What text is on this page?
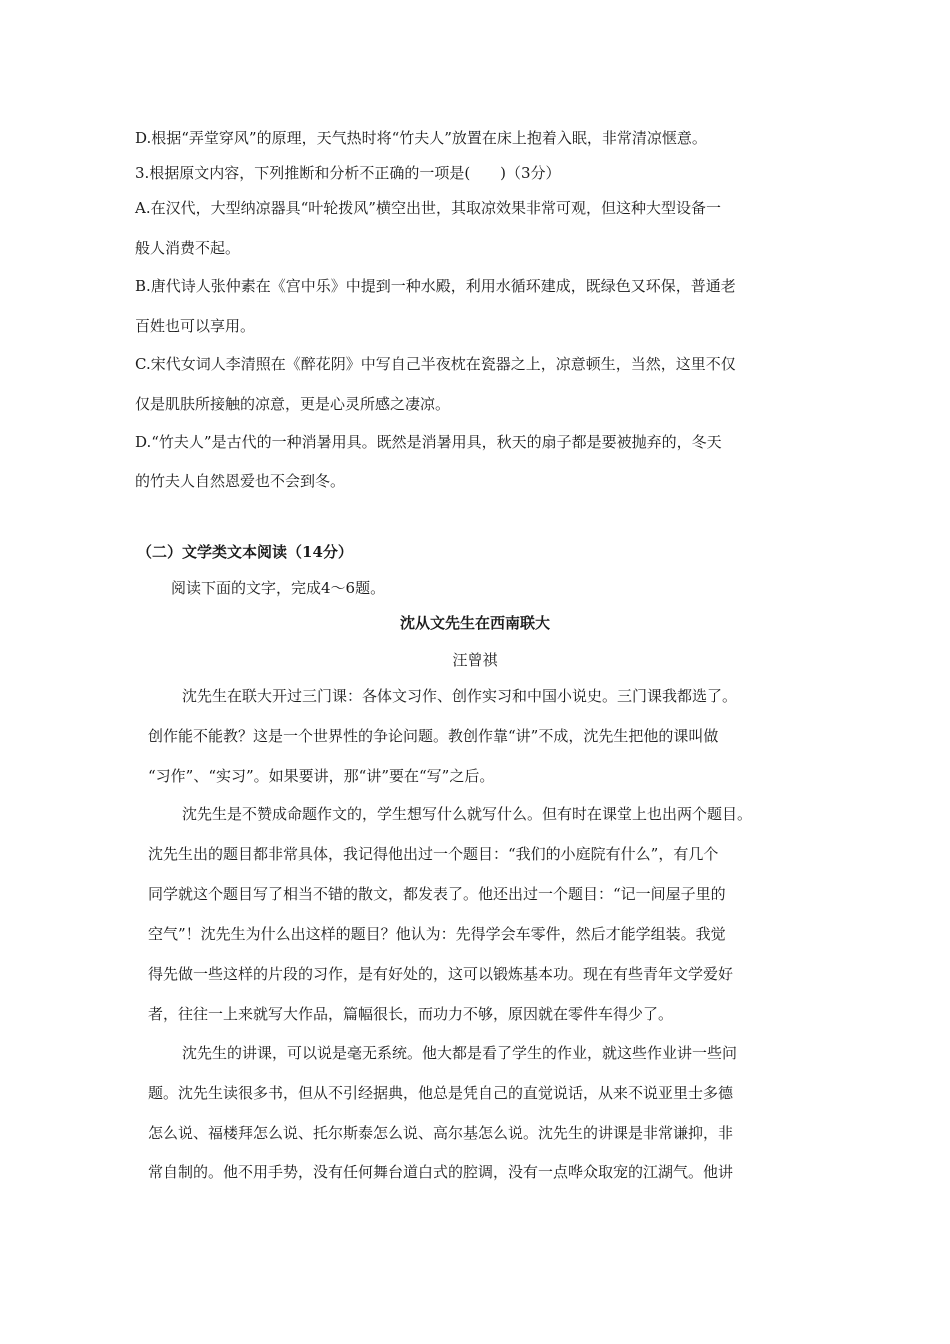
D.根据“弄堂穿风”的原理，天气热时将“竹夫人”放置在床上抱着入眠，非常清凉惬意。
3.根据原文内容，下列推断和分析不正确的一项是(　　)（3分）
A.在汉代，大型纳凉器具“叶轮拨风”横空出世，其取凉效果非常可观，但这种大型设备一
般人消费不起。
B.唐代诗人张仲素在《宫中乐》中提到一种水殿，利用水循环建成，既绿色又环保，普通老
百姓也可以享用。
C.宋代女词人李清照在《醉花阴》中写自己半夜枕在瓷器之上，凉意顿生，当然，这里不仅
仅是肌肤所接触的凉意，更是心灵所感之凄凉。
D.“竹夫人”是古代的一种消暑用具。既然是消暑用具，秋天的扇子都是要被抛弃的，冬天
的竹夫人自然恩爱也不会到冬。
（二）文学类文本阅读（14分）
阅读下面的文字，完成4～6题。
沈从文先生在西南联大
汪曾祺
沈先生在联大开过三门课：各体文习作、创作实习和中国小说史。三门课我都选了。
创作能不能教？这是一个世界性的争论问题。教创作靠“讲”不成，沈先生把他的课叫做
“习作”、“实习”。如果要讲，那“讲”要在“写”之后。
沈先生是不赞成命题作文的，学生想写什么就写什么。但有时在课堂上也出两个题目。
沈先生出的题目都非常具体，我记得他出过一个题目：“我们的小庭院有什么”，有几个
同学就这个题目写了相当不错的散文，都发表了。他还出过一个题目：“记一间屋子里的
空气”！沈先生为什么出这样的题目？他认为：先得学会车零件，然后才能学组装。我觉
得先做一些这样的片段的习作，是有好处的，这可以锻炼基本功。现在有些青年文学爱好
者，往往一上来就写大作品，篇幅很长，而功力不够，原因就在零件车得少了。
沈先生的讲课，可以说是毫无系统。他大都是看了学生的作业，就这些作业讲一些问
题。沈先生读很多书，但从不引经据典，他总是凭自己的直觉说话，从来不说亚里士多德
怎么说、福楼拜怎么说、托尔斯泰怎么说、高尔基怎么说。沈先生的讲课是非常谦抑，非
常自制的。他不用手势，没有任何舞台道白式的腔调，没有一点哗众取宠的江湖气。他讲
